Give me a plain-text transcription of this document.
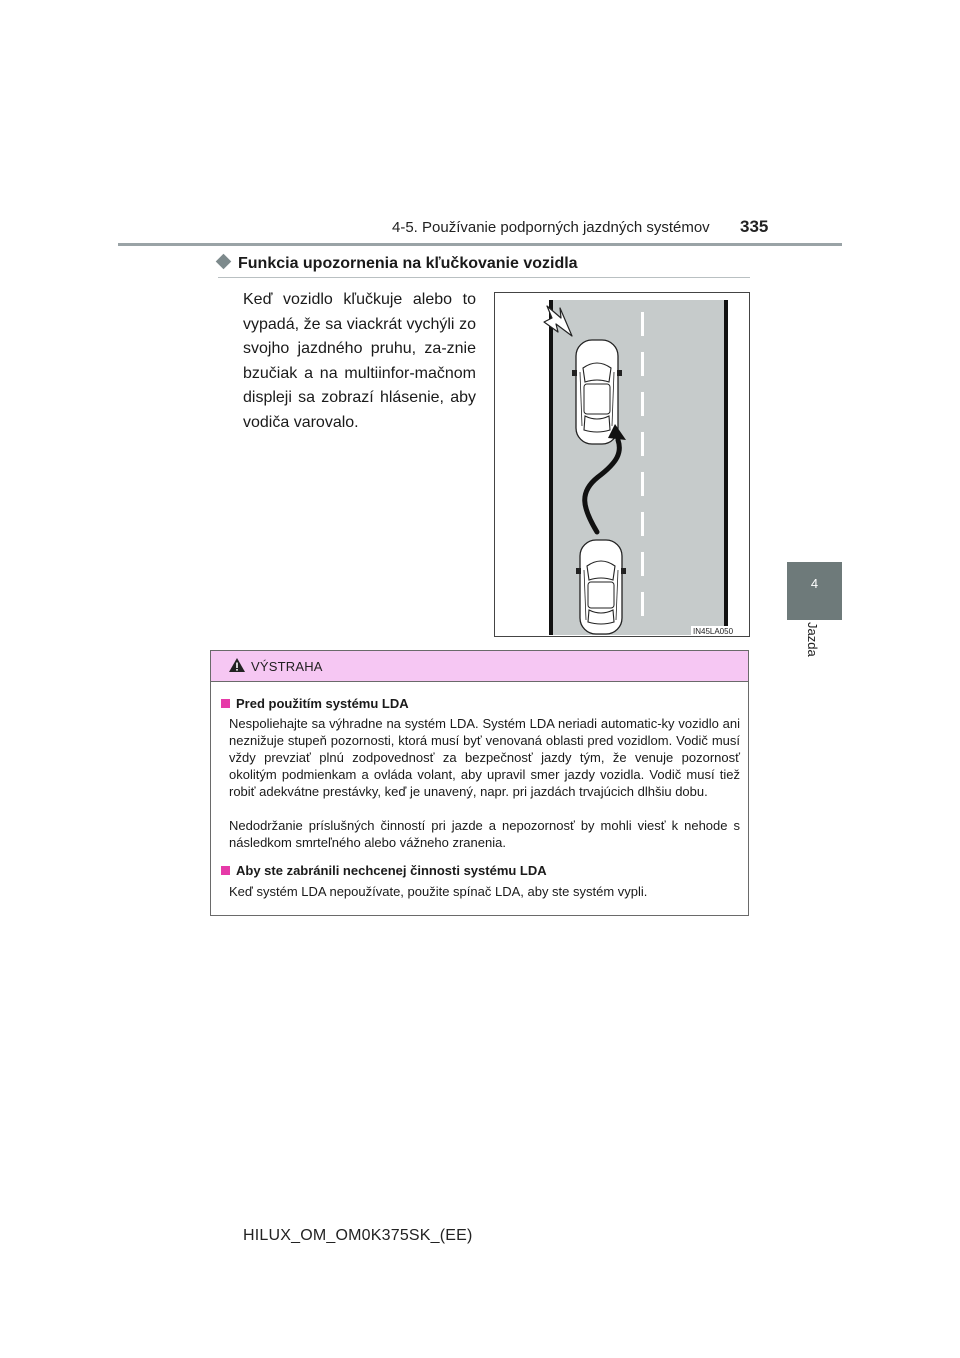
4-5. Používanie podporných jazdných systémov 335
4
Jazda
Funkcia upozornenia na kľučkovanie vozidla
Keď vozidlo kľučkuje alebo to vypadá, že sa viackrát vychýli zo svojho jazdného pruhu, za-znie bzučiak a na multiinfor-mačnom displeji sa zobrazí hlásenie, aby vodiča varovalo.
IN45LA050
VÝSTRAHA
Pred použitím systému LDA
Nespoliehajte sa výhradne na systém LDA. Systém LDA neriadi automatic-ky vozidlo ani neznižuje stupeň pozornosti, ktorá musí byť venovaná oblasti pred vozidlom. Vodič musí vždy prevziať plnú zodpovednosť za bezpečnosť jazdy tým, že venuje pozornosť okolitým podmienkam a ovláda volant, aby upravil smer jazdy vozidla. Vodič musí tiež robiť adekvátne prestávky, keď je unavený, napr. pri jazdách trvajúcich dlhšiu dobu.
Nedodržanie príslušných činností pri jazde a nepozornosť by mohli viesť k nehode s následkom smrteľného alebo vážneho zranenia.
Aby ste zabránili nechcenej činnosti systému LDA
Keď systém LDA nepoužívate, použite spínač LDA, aby ste systém vypli.
HILUX_OM_OM0K375SK_(EE)
